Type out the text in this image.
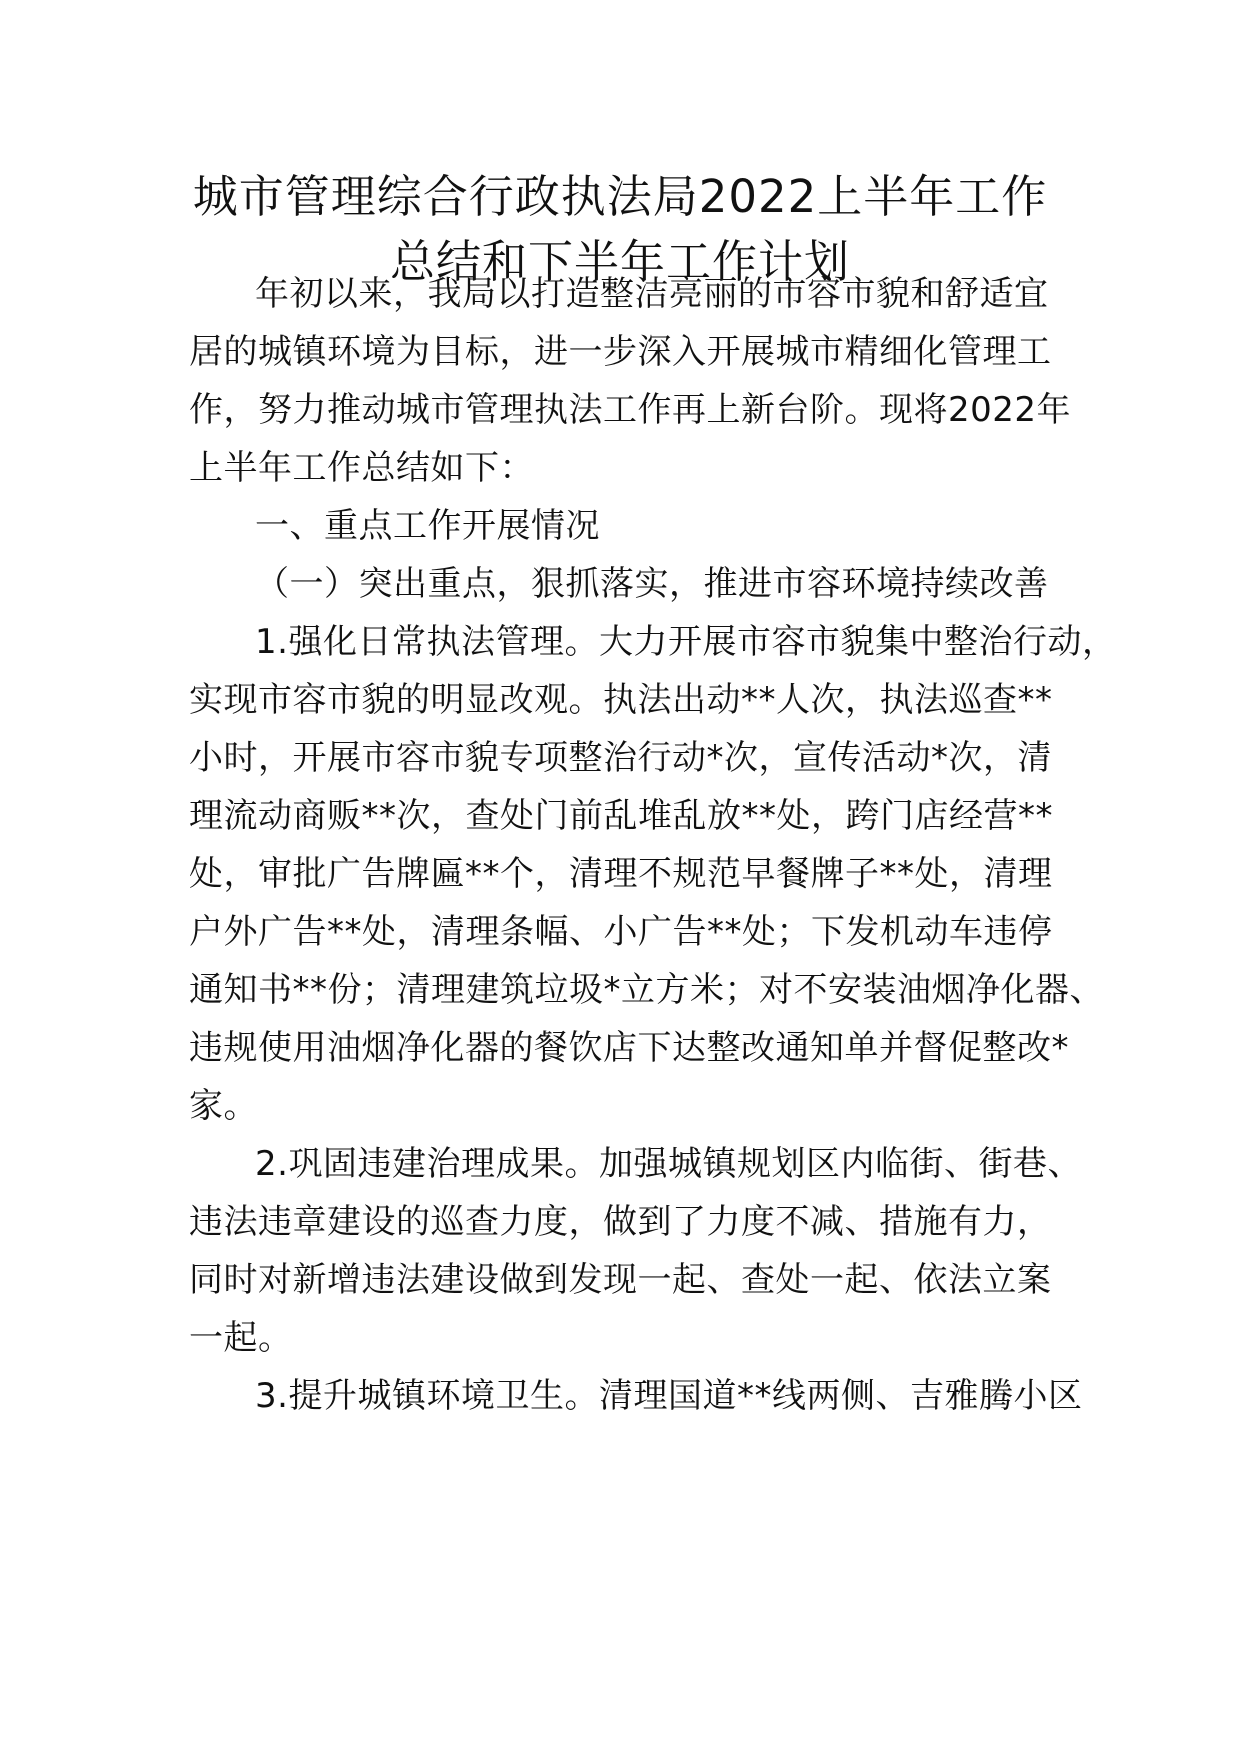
城市管理综合行政执法局2022上半年工作
总结和下半年工作计划
年初以来，我局以打造整洁亮丽的市容市貌和舒适宜
居的城镇环境为目标，进一步深入开展城市精细化管理工
作，努力推动城市管理执法工作再上新台阶。现将2022年
上半年工作总结如下：
一、重点工作开展情况
（一）突出重点，狠抓落实，推进市容环境持续改善
1.强化日常执法管理。大力开展市容市貌集中整治行动，
实现市容市貌的明显改观。执法出动**人次，执法巡查**
小时，开展市容市貌专项整治行动*次，宣传活动*次，清
理流动商贩**次，查处门前乱堆乱放**处，跨门店经营**
处，审批广告牌匾**个，清理不规范早餐牌子**处，清理
户外广告**处，清理条幅、小广告**处；下发机动车违停
通知书**份；清理建筑垃圾*立方米；对不安装油烟净化器、
违规使用油烟净化器的餐饮店下达整改通知单并督促整改*
家。
2.巩固违建治理成果。加强城镇规划区内临街、街巷、
违法违章建设的巡查力度，做到了力度不减、措施有力，
同时对新增违法建设做到发现一起、查处一起、依法立案
一起。
3.提升城镇环境卫生。清理国道**线两侧、吉雅腾小区
